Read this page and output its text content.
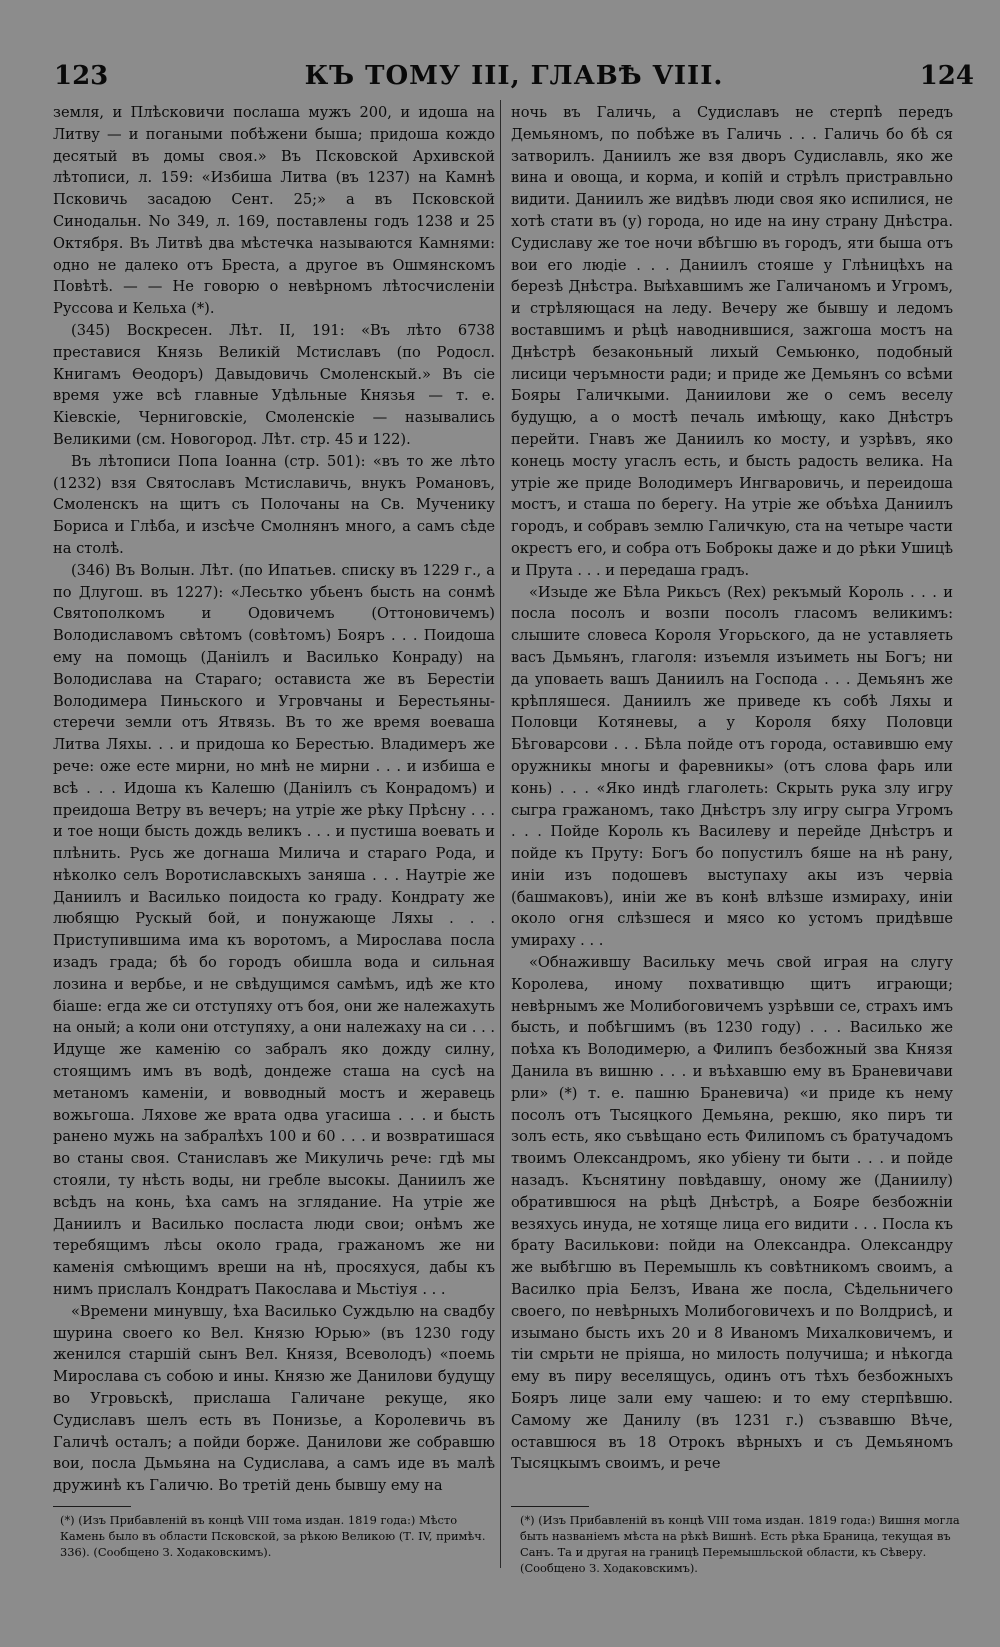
123	КЪ ТОМУ III, ГЛАВѢ VIII.	124

земля, и Плѣсковичи послаша мужъ 200, и идоша на Литву — и погаными побѣжени быша; придоша кождо десятый въ домы своя.» Въ Псковской Архивской лѣтописи, л. 159: «Избиша Литва (въ 1237) на Камнѣ Псковичь засадою Сент. 25;» а въ Псковской Синодальн. No 349, л. 169, поставлены годъ 1238 и 25 Октября. Въ Литвѣ два мѣстечка называются Камнями: одно не далеко отъ Бреста, а другое въ Ошмянскомъ Повѣтѣ. — — Не говорю о невѣрномъ лѣтосчисленіи Руссова и Кельха (*).

(345) Воскресен. Лѣт. II, 191: «Въ лѣто 6738 преставися Князь Великій Мстиславъ (по Родосл. Книгамъ Ѳеодоръ) Давыдовичь Смоленскый.» Въ сіе время уже всѣ главные Удѣльные Князья — т. е. Кіевскіе, Черниговскіе, Смоленскіе — назывались Великими (см. Новогород. Лѣт. стр. 45 и 122).

Въ лѣтописи Попа Іоанна (стр. 501): «въ то же лѣто (1232) взя Святославъ Мстиславичь, внукъ Романовъ, Смоленскъ на щитъ съ Полочаны на Св. Мученику Бориса и Глѣба, и изсѣче Смолнянъ много, а самъ сѣде на столѣ.

(346) Въ Волын. Лѣт. (по Ипатьев. списку въ 1229 г., а по Длугош. въ 1227): «Лесьтко убьенъ бысть на сонмѣ Святополкомъ и Одовичемъ (Оттоновичемъ) Володиславомъ свѣтомъ (совѣтомъ) Бояръ . . . Поидоша ему на помощь (Даніилъ и Василько Конраду) на Володислава на Стараго; остависта же въ Берестіи Володимера Пиньского и Угровчаны и Берестьяны- стеречи земли отъ Ятвязь. Въ то же время воеваша Литва Ляхы. . . и придоша ко Берестью. Владимеръ же рече: оже есте мирни, но мнѣ не мирни . . . и избиша е всѣ . . . Идоша къ Калешю (Даніилъ съ Конрадомъ) и преидоша Ветру въ вечеръ; на утріе же рѣку Прѣсну . . . и тое нощи бысть дождь великъ . . . и пустиша воевать и плѣнить. Русь же догнаша Милича и стараго Рода, и нѣколко селъ Воротиславскыхъ заняша . . . Наутріе же Даниилъ и Василько поидоста ко граду. Кондрату же любящю Рускый бой, и понужающе Ляхы . . . Приступившима има къ воротомъ, а Мирослава посла изадъ града; бѣ бо городъ обишла вода и сильная лозина и вербье, и не свѣдущимся самѣмъ, идѣ же кто біаше: егда же си отступяху отъ боя, они же належахуть на оный; а коли они отступяху, а они належаху на си . . . Идуще же каменію со забралъ яко дожду силну, стоящимъ имъ въ водѣ, дондеже сташа на сусѣ на метаномъ каменіи, и вовводный мостъ и жеравець вожьгоша. Ляхове же врата одва угасиша . . . и бысть ранено мужь на забралѣхъ 100 и 60 . . . и возвратишася во станы своя. Станиславъ же Микуличь рече: гдѣ мы стояли, ту нѣсть воды, ни гребле высокы. Даниилъ же всѣдъ на конь, ѣха самъ на зглядание. На утріе же Даниилъ и Василько посласта люди свои; онѣмъ же теребящимъ лѣсы около града, гражаномъ же ни каменія смѣющимъ вреши на нѣ, просяхуся, дабы къ нимъ прислалъ Кондратъ Пакослава и Мьстіуя . . .

«Времени минувшу, ѣха Василько Суждьлю на свадбу шурина своего ко Вел. Князю Юрью» (въ 1230 году женился старшій сынъ Вел. Князя, Всеволодъ) «поемь Мирослава съ собою и ины. Князю же Данилови будущу во Угровьскѣ, прислаша Галичане рекуще, яко Судиславъ шелъ есть въ Понизье, а Королевичь въ Галичѣ осталъ; а пойди борже. Данилови же собравшю вои, посла Дьмьяна на Судислава, а самъ иде въ малѣ дружинѣ къ Галичю. Во третій день бывшу ему на

ночь въ Галичь, а Судиславъ не стерпѣ передъ Демьяномъ, по побѣже въ Галичь . . . Галичь бо бѣ ся затворилъ. Даниилъ же взя дворъ Судиславль, яко же вина и овоща, и корма, и копій и стрѣлъ пристравльно видити. Даниилъ же видѣвъ люди своя яко испилися, не хотѣ стати въ (у) города, но иде на ину страну Днѣстра. Судиславу же тое ночи вбѣгшю въ городъ, яти быша отъ вои его людіе . . . Даниилъ стояше у Глѣницѣхъ на березѣ Днѣстра. Выѣхавшимъ же Галичаномъ и Угромъ, и стрѣляющася на леду. Вечеру же бывшу и ледомъ воставшимъ и рѣцѣ наводнившися, зажгоша мостъ на Днѣстрѣ безаконьный лихый Семьюнко, подобный лисици черъмности ради; и приде же Демьянъ со всѣми Бояры Галичкыми. Даниилови же о семъ веселу будущю, а о мостѣ печаль имѣющу, како Днѣстръ перейти. Гнавъ же Даниилъ ко мосту, и узрѣвъ, яко конець мосту угаслъ есть, и бысть радость велика. На утріе же приде Володимеръ Ингваровичь, и переидоша мостъ, и сташа по берегу. На утріе же объѣха Даниилъ городъ, и собравъ землю Галичкую, ста на четыре части окрестъ его, и собра отъ Боброкы даже и до рѣки Ушицѣ и Прута . . . и передаша градъ.

«Изыде же Бѣла Рикьсъ (Rex) рекъмый Король . . . и посла посолъ и возпи посолъ гласомъ великимъ: слышите словеса Короля Угорьского, да не уставляеть васъ Дьмьянъ, глаголя: изъемля изъиметь ны Богъ; ни да уповаеть вашъ Даниилъ на Господа . . . Демьянъ же крѣпляшеся. Даниилъ же приведе къ собѣ Ляхы и Половци Котяневы, а у Короля бяху Половци Бѣговарсови . . . Бѣла пойде отъ города, оставившю ему оружникы многы и фаревникы» (отъ слова фарь или конь) . . . «Яко индѣ глаголеть: Скрыть рука злу игру сыгра гражаномъ, тако Днѣстръ злу игру сыгра Угромъ . . . Пойде Король къ Василеву и перейде Днѣстръ и пойде къ Пруту: Богъ бо попустилъ бяше на нѣ рану, иніи изъ подошевъ выступаху акы изъ червіа (башмаковъ), иніи же въ конѣ влѣзше измираху, иніи около огня слѣзшеся и мясо ко устомъ придѣвше умираху . . .

«Обнажившу Васильку мечь свой играя на слугу Королева, иному похвативщю щитъ играющи; невѣрнымъ же Молибоговичемъ узрѣвши се, страхъ имъ бысть, и побѣгшимъ (въ 1230 году) . . . Василько же поѣха къ Володимерю, а Филипъ безбожный зва Князя Данила въ вишню . . . и въѣхавшю ему въ Браневичави рли» (*) т. е. пашню Браневича) «и приде къ нему посолъ отъ Тысяцкого Демьяна, рекшю, яко пиръ ти золъ есть, яко съвѣщано есть Филипомъ съ братучадомъ твоимъ Олександромъ, яко убіену ти быти . . . и пойде назадъ. Къснятину повѣдавшу, оному же (Даниилу) обратившюся на рѣцѣ Днѣстрѣ, а Бояре безбожніи везяхусь инуда, не хотяще лица его видити . . . Посла къ брату Василькови: пойди на Олександра. Олександру же выбѣгшю въ Перемышль къ совѣтникомъ своимъ, а Василко пріа Белзъ, Ивана же посла, Сѣдельничего своего, по невѣрныхъ Молибоговичехъ и по Волдрисѣ, и изымано бысть ихъ 20 и 8 Иваномъ Михалковичемъ, и тіи смрьти не пріяша, но милость получиша; и нѣкогда ему въ пиру веселящусь, одинъ отъ тѣхъ безбожныхъ Бояръ лице зали ему чашею: и то ему стерпѣвшю. Самому же Данилу (въ 1231 г.) съзвавшю Вѣче, оставшюся въ 18 Отрокъ вѣрныхъ и съ Демьяномъ Тысяцкымъ своимъ, и рече

(*) (Изъ Прибавленій въ концѣ VIII тома издан. 1819 года:) Мѣсто Камень было въ области Псковской, за рѣкою Великою (Т. IV, примѣч. 336). (Сообщено З. Ходаковскимъ).
(*) (Изъ Прибавленій въ концѣ VIII тома издан. 1819 года:) Вишня могла быть названіемъ мѣста на рѣкѣ Вишнѣ. Есть рѣка Браница, текущая въ Санъ. Та и другая на границѣ Перемышльской области, къ Сѣверу. (Сообщено З. Ходаковскимъ).
